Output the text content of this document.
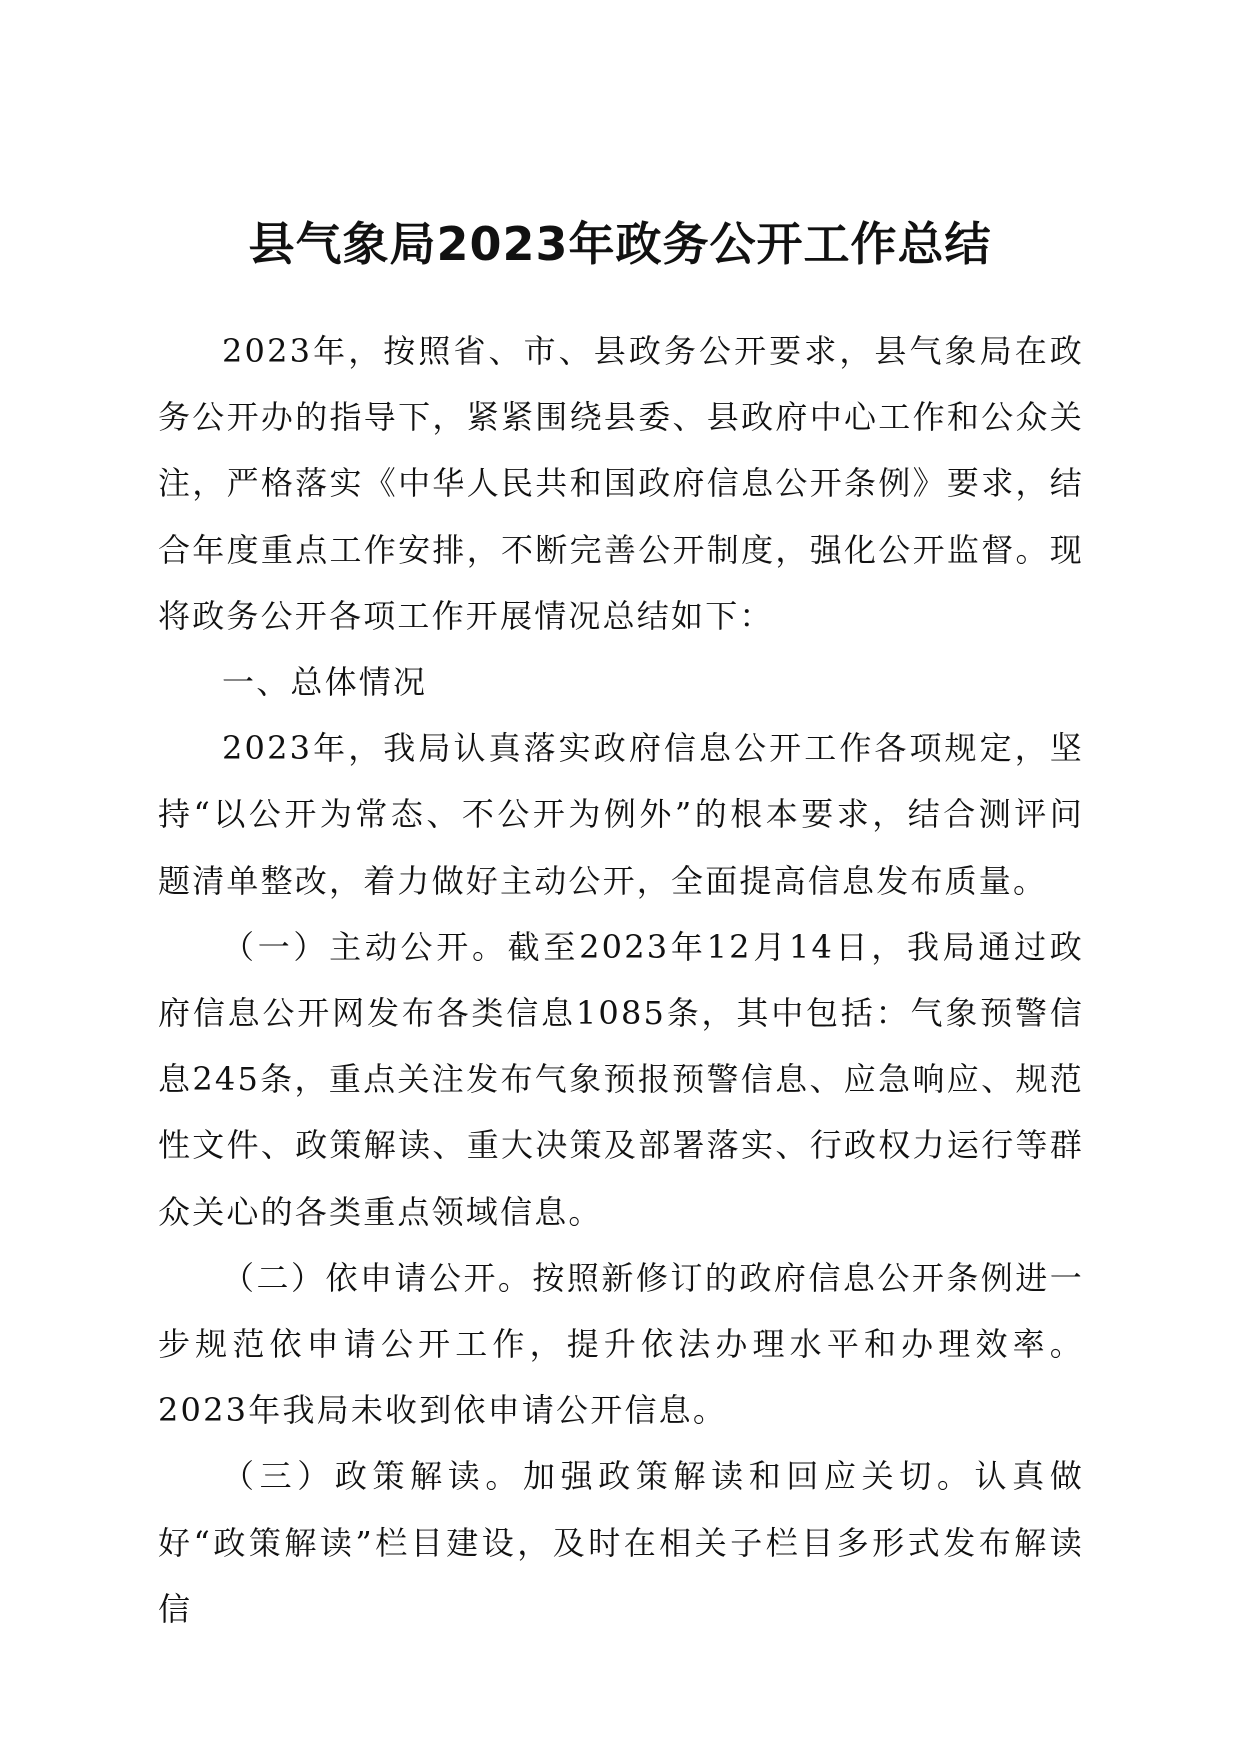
县气象局2023年政务公开工作总结

2023年，按照省、市、县政务公开要求，县气象局在政务公开办的指导下，紧紧围绕县委、县政府中心工作和公众关注，严格落实《中华人民共和国政府信息公开条例》要求，结合年度重点工作安排，不断完善公开制度，强化公开监督。现将政务公开各项工作开展情况总结如下：

一、总体情况

2023年，我局认真落实政府信息公开工作各项规定，坚持“以公开为常态、不公开为例外”的根本要求，结合测评问题清单整改，着力做好主动公开，全面提高信息发布质量。

（一）主动公开。截至2023年12月14日，我局通过政府信息公开网发布各类信息1085条，其中包括：气象预警信息245条，重点关注发布气象预报预警信息、应急响应、规范性文件、政策解读、重大决策及部署落实、行政权力运行等群众关心的各类重点领域信息。

（二）依申请公开。按照新修订的政府信息公开条例进一步规范依申请公开工作，提升依法办理水平和办理效率。2023年我局未收到依申请公开信息。

（三）政策解读。加强政策解读和回应关切。认真做好“政策解读”栏目建设，及时在相关子栏目多形式发布解读信
